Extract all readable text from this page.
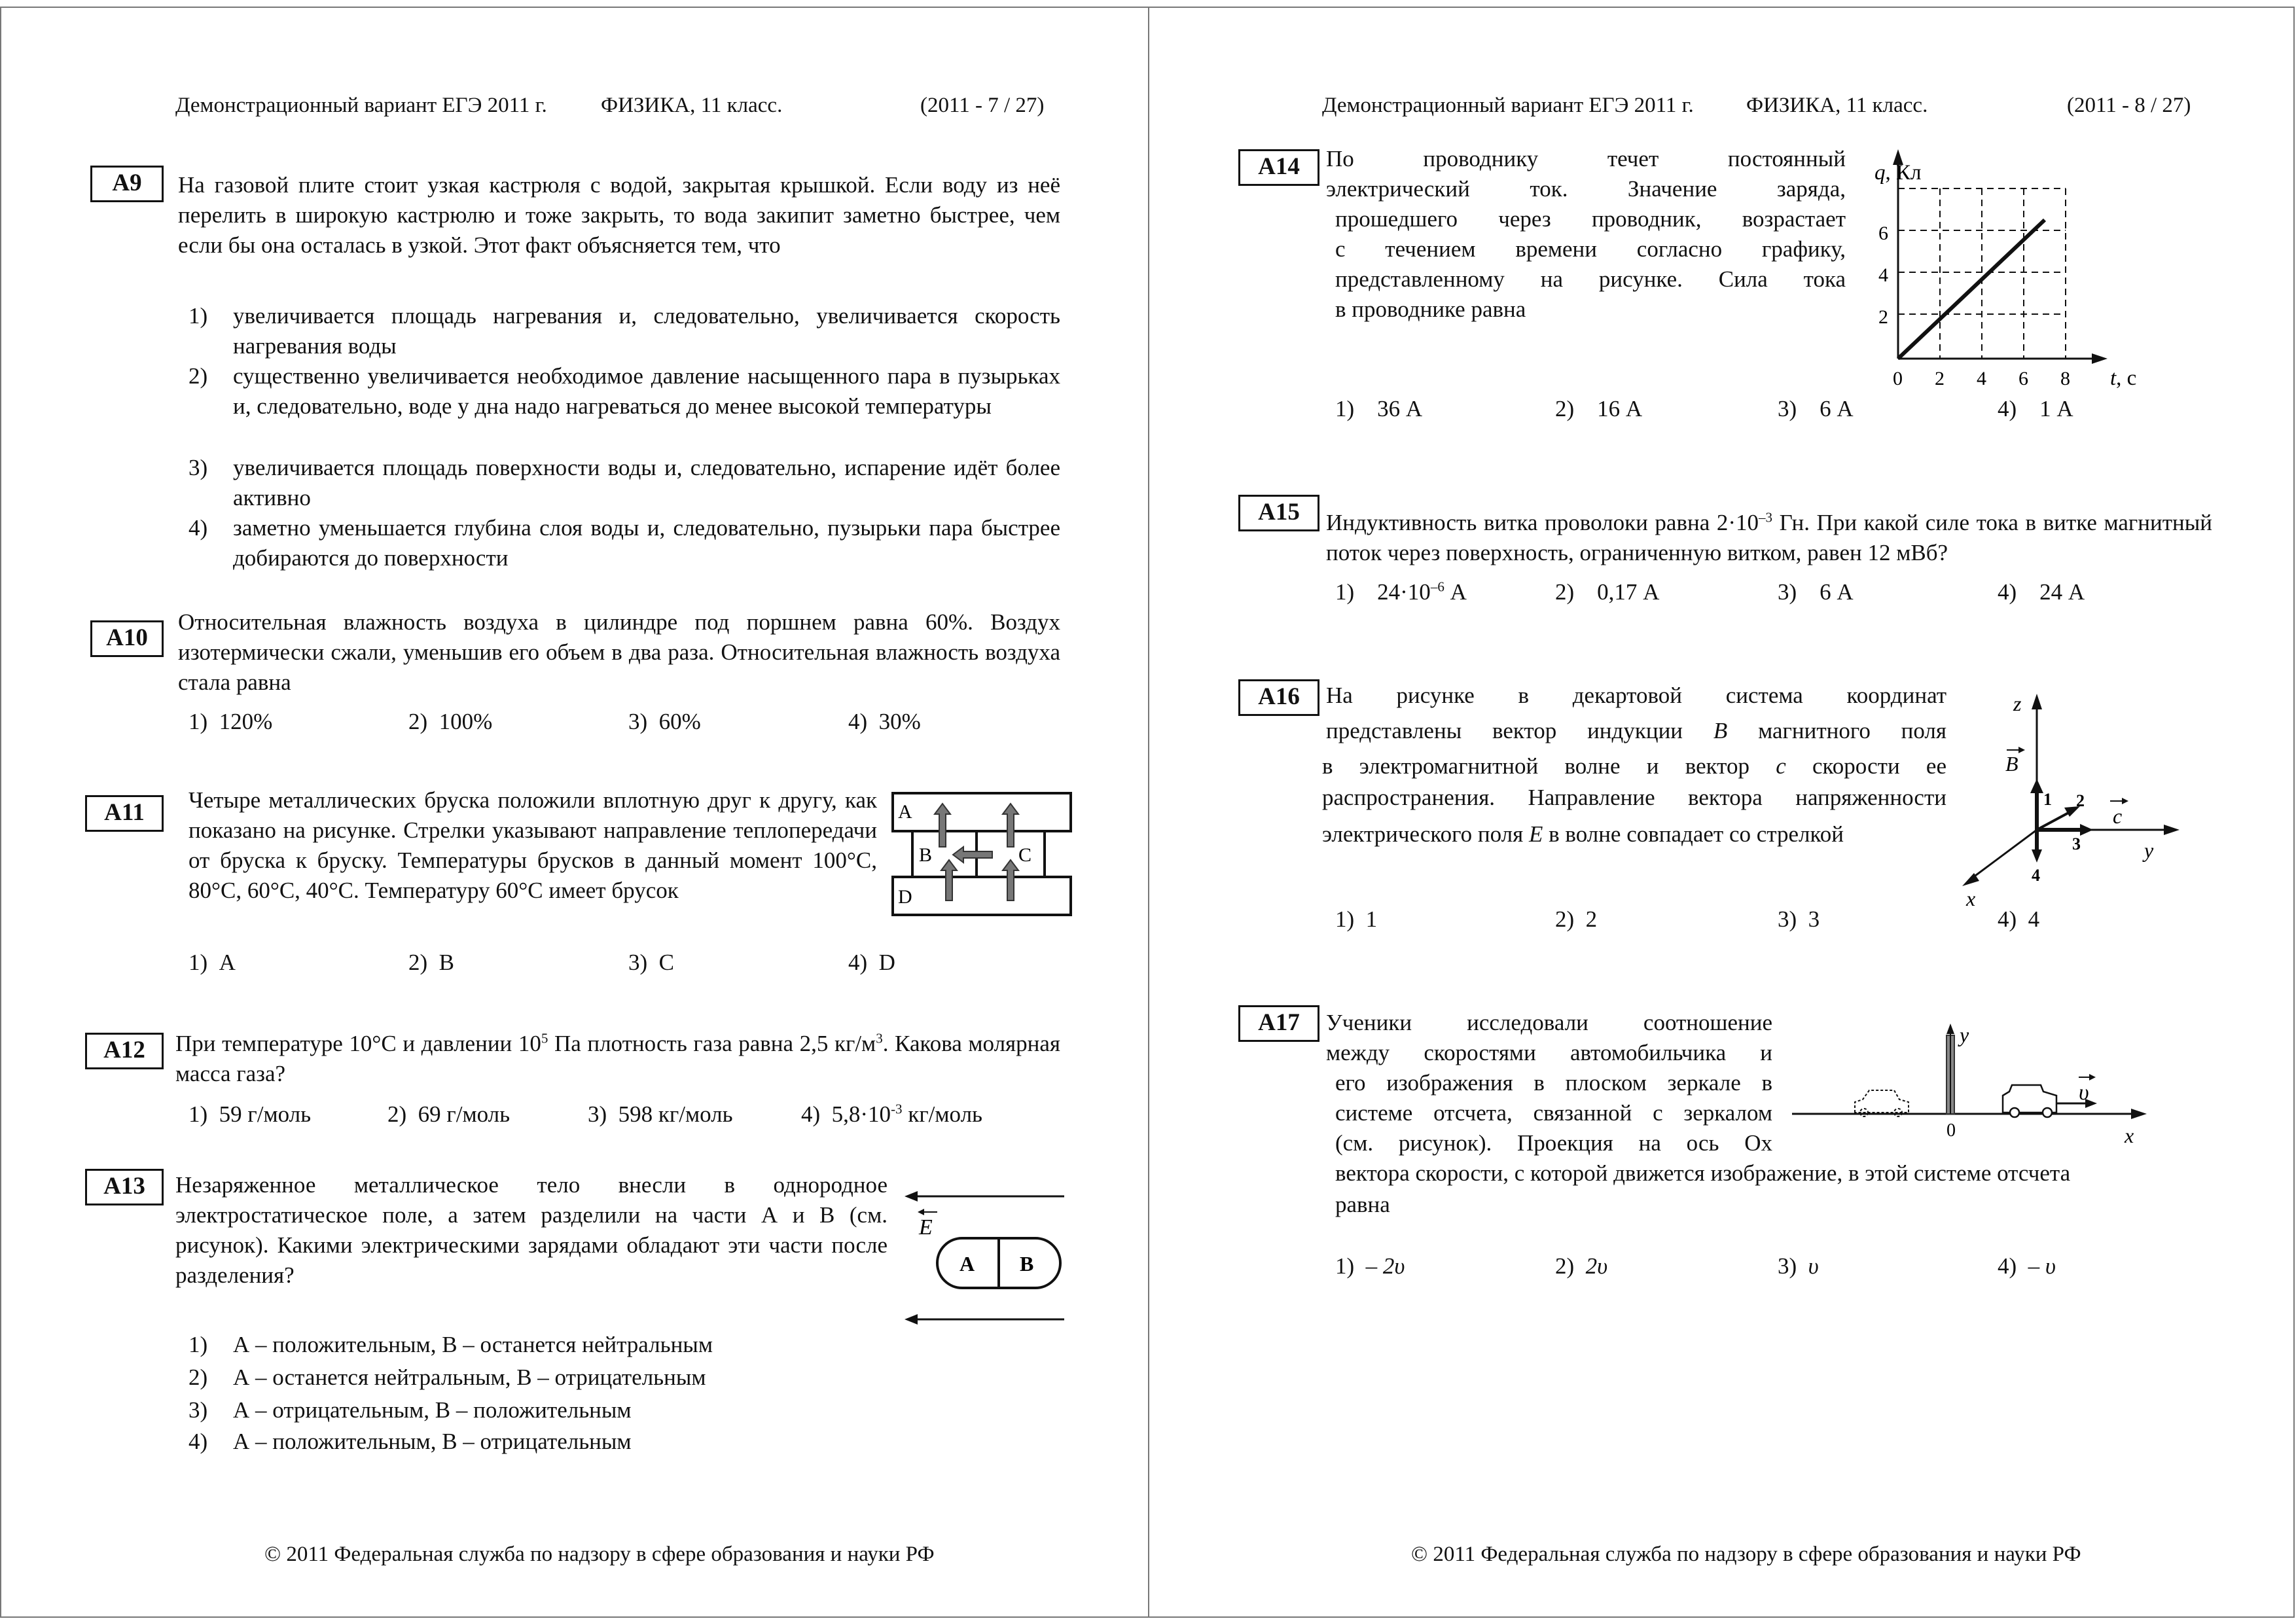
Демонстрационный вариант ЕГЭ 2011 г. ФИЗИКА, 11 класс.	(2011 - 7 / 27)
A9	На газовой плите стоит узкая кастрюля с водой, закрытая крышкой. Если воду из неё перелить в широкую кастрюлю и тоже закрыть, то вода закипит заметно быстрее, чем если бы она осталась в узкой. Этот факт объясняется тем, что
1) увеличивается площадь нагревания и, следовательно, увеличивается скорость нагревания воды
2) существенно увеличивается необходимое давление насыщенного пара в пузырьках и, следовательно, воде у дна надо нагреваться до менее высокой температуры
3) увеличивается площадь поверхности воды и, следовательно, испарение идёт более активно
4) заметно уменьшается глубина слоя воды и, следовательно, пузырьки пара быстрее добираются до поверхности
A10
Относительная влажность воздуха в цилиндре под поршнем равна 60%. Воздух изотермически сжали, уменьшив его объем в два раза. Относительная влажность воздуха стала равна
1) 120%	2) 100%	3) 60%	4) 30%
A11	Четыре металлических бруска положили вплотную друг к другу, как показано на рисунке. Стрелки указывают направление теплопередачи от бруска к бруску. Температуры брусков в данный момент 100°С, 80°С, 60°С, 40°С. Температуру 60°С имеет брусок
A
B	C
D
1) A	2) B	3) C	4) D
A12	При температуре 10°С и давлении $10^5$ Па плотность газа равна 2,5 $кг/м^3$. Какова молярная масса газа?
1) 59 г/моль	2) 69 г/моль	3) 598 кг/моль	4) $5,8\cdot 10^{-3}$ кг/моль
A13	Незаряженное металлическое тело внесли в однородное электростатическое поле, а затем разделили на части А и В (см. рисунок). Какими электрическими зарядами обладают эти части после разделения?
E
A B
1) А – положительным, В – останется нейтральным
2) А – останется нейтральным, В – отрицательным
3) А – отрицательным, В – положительным
4) А – положительным, В – отрицательным
© 2011 Федеральная служба по надзору в сфере образования и науки РФ
Демонстрационный вариант ЕГЭ 2011 г. ФИЗИКА, 11 класс.	(2011 - 8 / 27)
A14	По проводнику течет постоянный
электрический ток. Значение заряда,
прошедшего через проводник, возрастает
с течением времени согласно графику,
представленному на рисунке. Сила тока
в проводнике равна
q, Кл
t, с
2
4
6
0 2 4 6 8
1) 36 А	2) 16 А	3) 6 А	4) 1 А
A15	Индуктивность витка проволоки равна $2\cdot 10^{-3}$ Гн. При какой силе тока в витке магнитный поток через поверхность, ограниченную витком, равен 12 мВб?
1) $24\cdot 10^{-6}$ А	2) 0,17 А	3) 6 А	4) 24 А
A16	На рисунке в декартовой система координат
представлены вектор индукции B магнитного поля
в электромагнитной волне и вектор c скорости ее
распространения. Направление вектора напряженности
электрического поля E в волне совпадает со стрелкой
z
y
x
B
1 2
3
4
c
1) 1	2) 2	3) 3	4) 4
A17	Ученики исследовали соотношение
между скоростями автомобильчика и
его изображения в плоском зеркале в
системе отсчета, связанной с зеркалом
(см. рисунок). Проекция на ось Ox
вектора скорости, с которой движется изображение, в этой системе отсчета
равна
x
y
0
υ
1) – 2υ	2) 2υ	3) υ	4) – υ
© 2011 Федеральная служба по надзору в сфере образования и науки РФ
